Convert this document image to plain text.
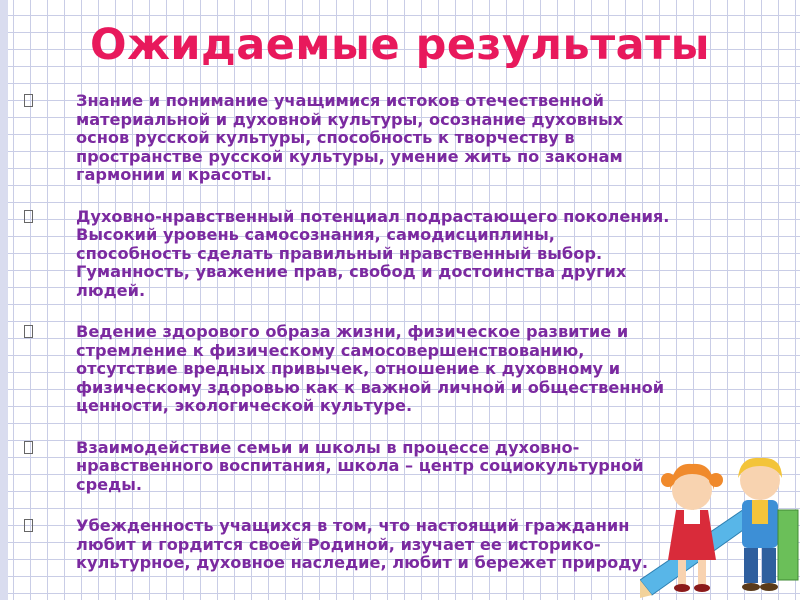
Ожидаемые результаты
Знание и понимание учащимися истоков отечественной материальной и духовной культуры, осознание духовных основ русской культуры, способность к творчеству в пространстве русской культуры, умение жить по законам гармонии и красоты.
Духовно-нравственный потенциал подрастающего поколения. Высокий уровень самосознания, самодисциплины, способность сделать правильный нравственный выбор. Гуманность, уважение прав, свобод и достоинства других людей.
Ведение здорового образа жизни, физическое развитие и стремление к физическому самосовершенствованию, отсутствие вредных привычек, отношение к духовному и физическому здоровью как к важной личной и общественной ценности, экологической культуре.
Взаимодействие семьи и школы в процессе духовно-нравственного воспитания, школа – центр социокультурной среды.
Убежденность учащихся в том, что настоящий гражданин любит и гордится своей Родиной, изучает ее историко-культурное, духовное наследие, любит и бережет природу.
